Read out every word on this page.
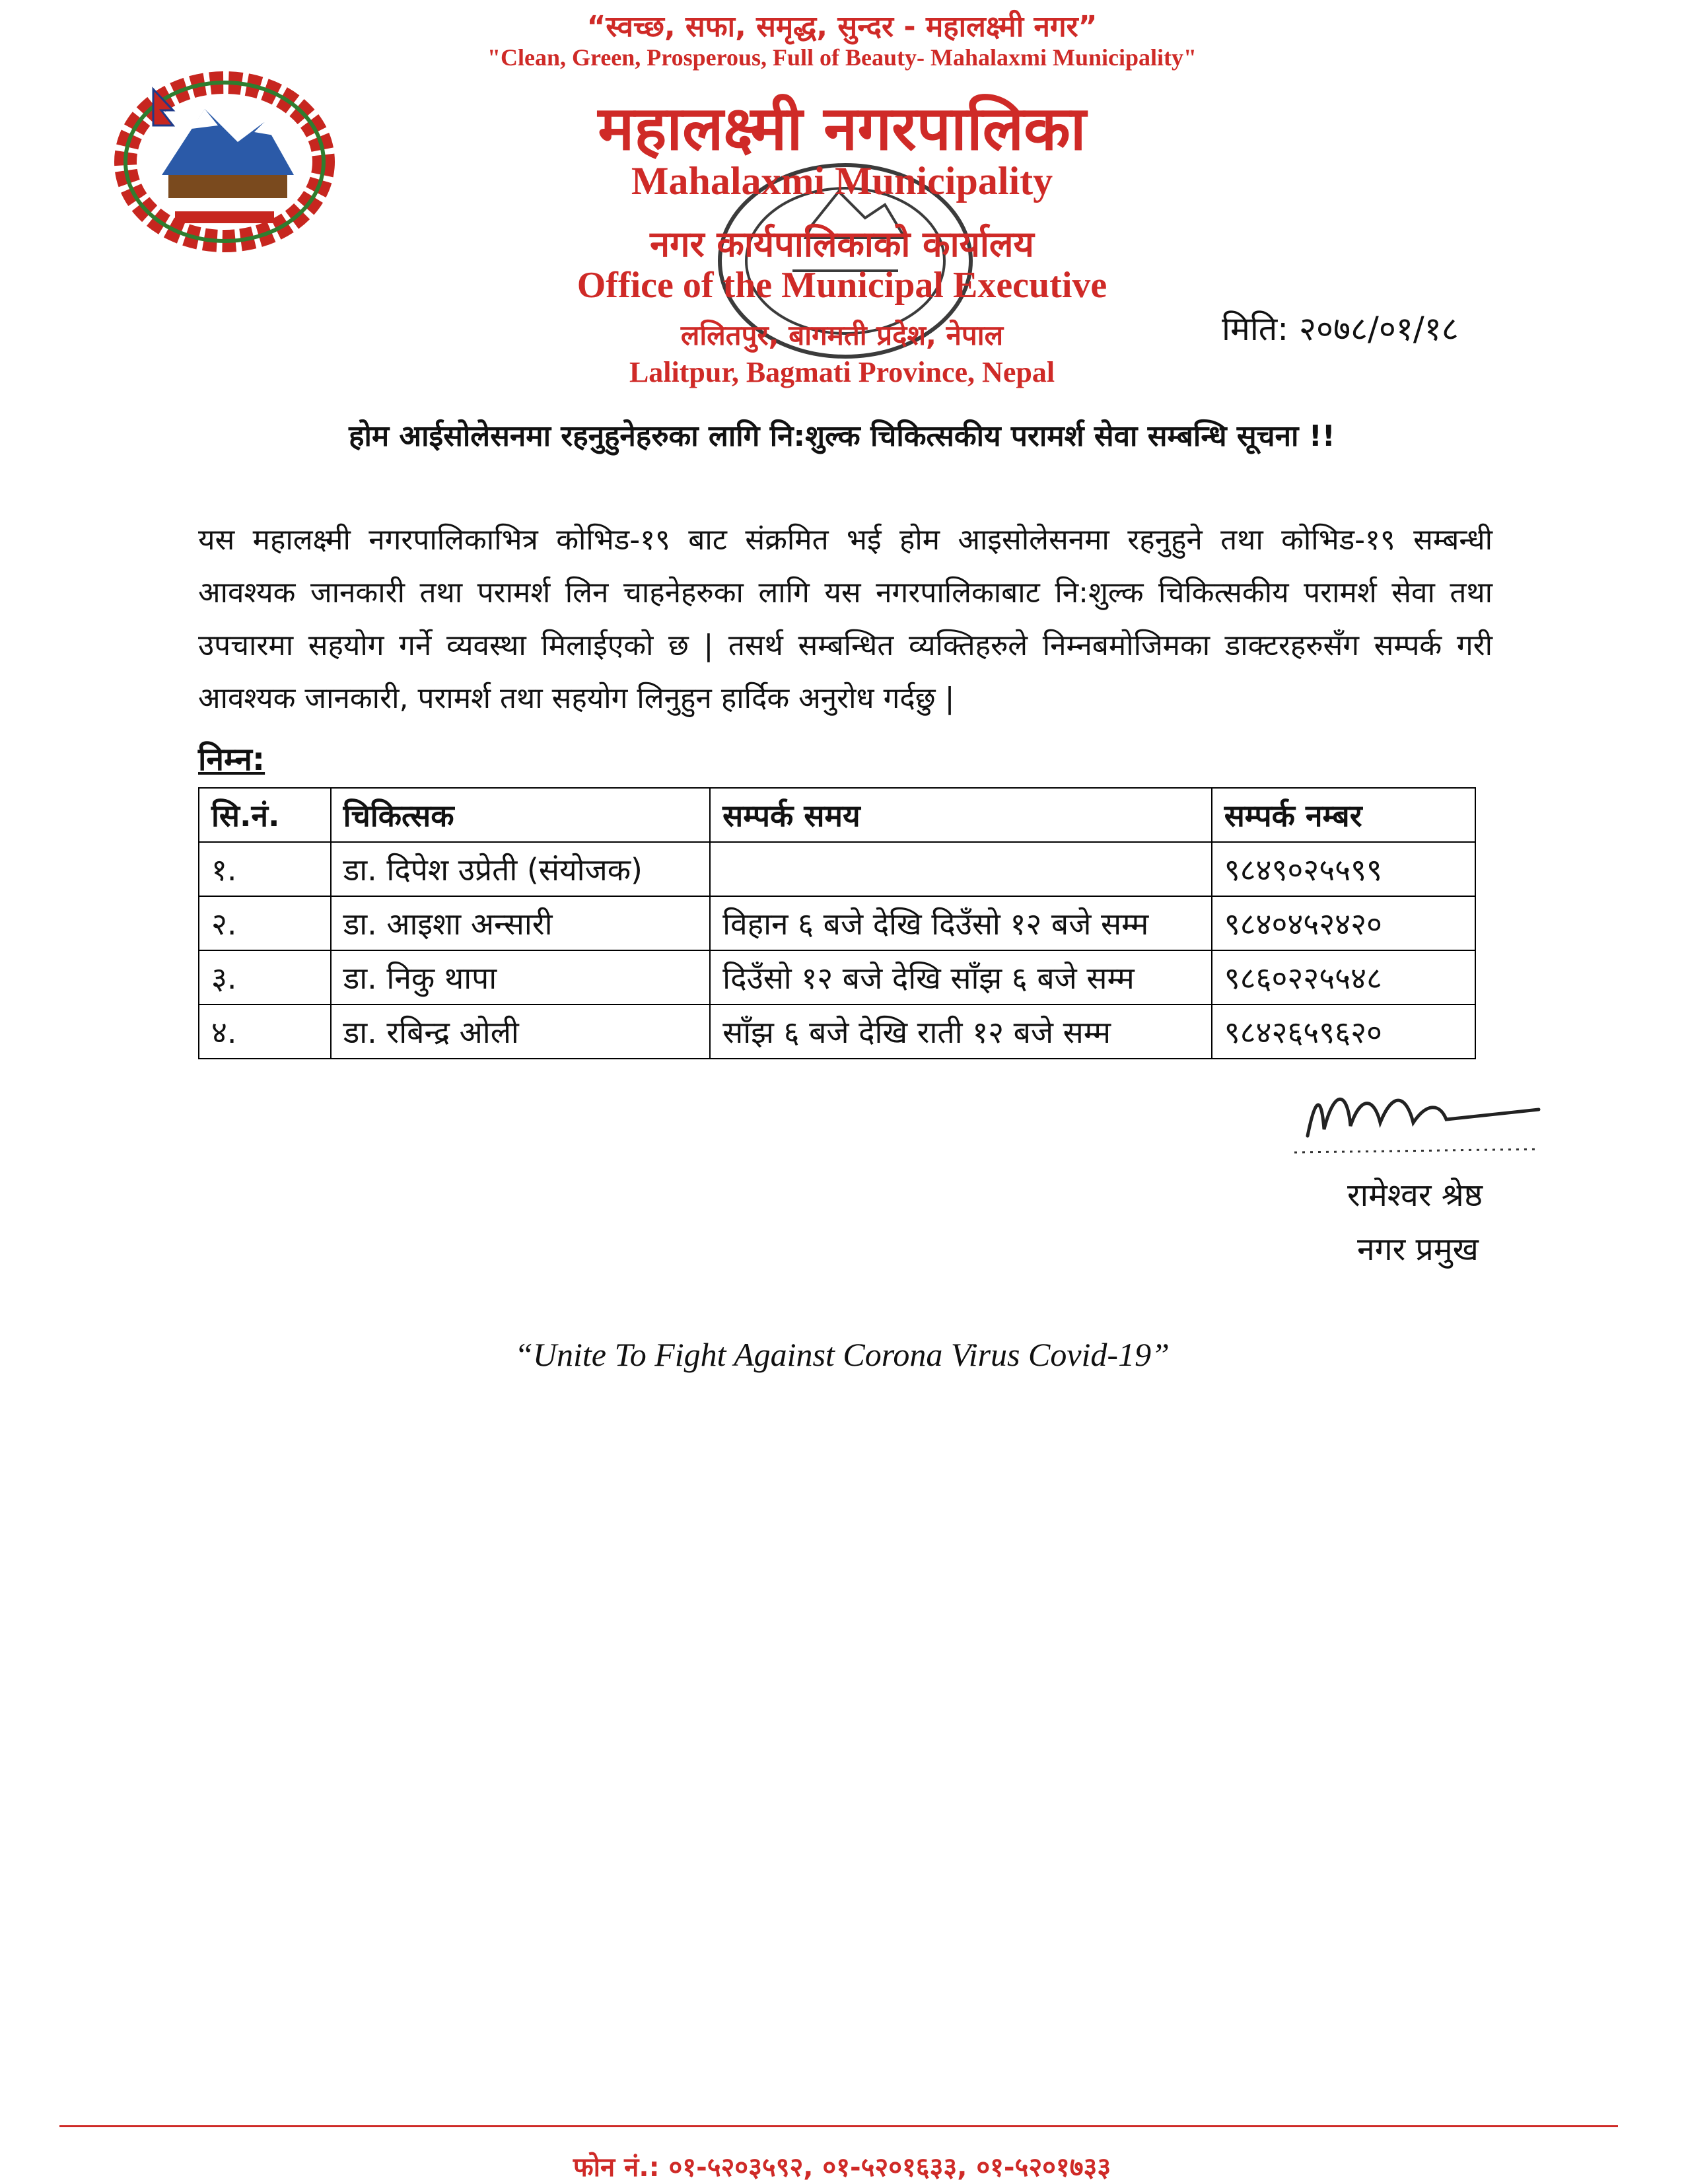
“स्वच्छ, सफा, समृद्ध, सुन्दर - महालक्ष्मी नगर”
"Clean, Green, Prosperous, Full of Beauty- Mahalaxmi Municipality"
महालक्ष्मी नगरपालिका
Mahalaxmi Municipality
नगर कार्यपालिकाको कार्यालय
Office of the Municipal Executive
ललितपुर, बागमती प्रदेश, नेपाल
Lalitpur, Bagmati Province, Nepal
मिति: २०७८/०१/१८
होम आईसोलेसनमा रहनुहुनेहरुका लागि नि:शुल्क चिकित्सकीय परामर्श सेवा सम्बन्धि सूचना !!
यस महालक्ष्मी नगरपालिकाभित्र कोभिड-१९ बाट संक्रमित भई होम आइसोलेसनमा रहनुहुने तथा कोभिड-१९ सम्बन्धी आवश्यक जानकारी तथा परामर्श लिन चाहनेहरुका लागि यस नगरपालिकाबाट नि:शुल्क चिकित्सकीय परामर्श सेवा तथा उपचारमा सहयोग गर्ने व्यवस्था मिलाईएको छ | तसर्थ सम्बन्धित व्यक्तिहरुले निम्नबमोजिमका डाक्टरहरुसँग सम्पर्क गरी आवश्यक जानकारी, परामर्श तथा सहयोग लिनुहुन हार्दिक अनुरोध गर्दछु |
निम्न:
सि.नं.	चिकित्सक	सम्पर्क समय	सम्पर्क नम्बर
१.	डा. दिपेश उप्रेती (संयोजक)		९८४९०२५५९९
२.	डा. आइशा अन्सारी	विहान ६ बजे देखि दिउँसो १२ बजे सम्म	९८४०४५२४२०
३.	डा. निकु थापा	दिउँसो १२ बजे देखि साँझ ६ बजे सम्म	९८६०२२५५४८
४.	डा. रबिन्द्र ओली	साँझ ६ बजे देखि राती १२ बजे सम्म	९८४२६५९६२०
रामेश्वर श्रेष्ठ
नगर प्रमुख
“Unite To Fight Against Corona Virus Covid-19”
फोन नं.: ०१-५२०३५९२, ०१-५२०१६३३, ०१-५२०१७३३
